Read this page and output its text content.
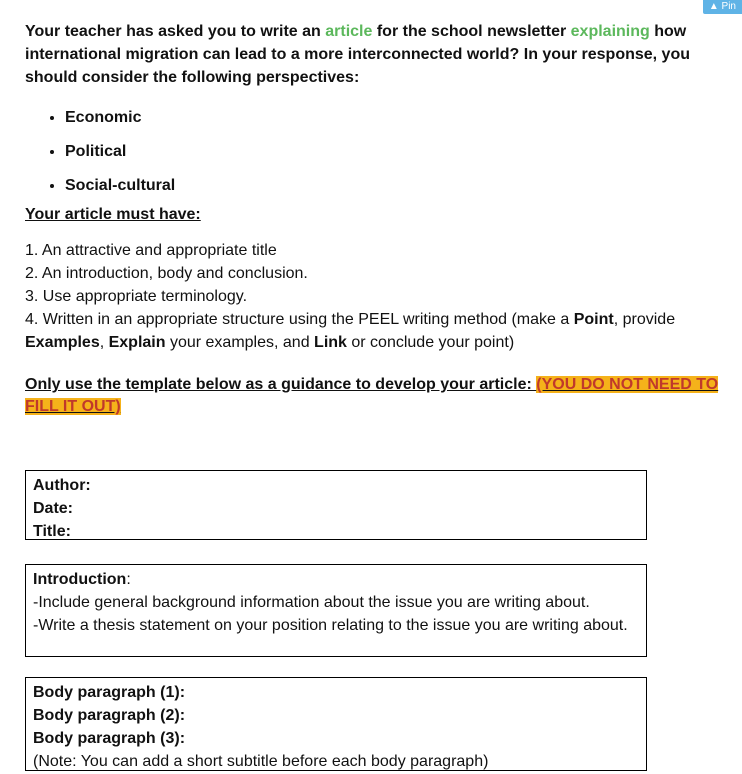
▲ Pin

Your teacher has asked you to write an article for the school newsletter explaining how international migration can lead to a more interconnected world? In your response, you should consider the following perspectives:

• Economic
• Political
• Social-cultural
Your article must have:
1. An attractive and appropriate title
2. An introduction, body and conclusion.
3. Use appropriate terminology.
4. Written in an appropriate structure using the PEEL writing method (make a Point, provide Examples, Explain your examples, and Link or conclude your point)
Only use the template below as a guidance to develop your article: (YOU DO NOT NEED TO FILL IT OUT)
Author:
Date:
Title:
Introduction:
-Include general background information about the issue you are writing about.
-Write a thesis statement on your position relating to the issue you are writing about.
Body paragraph (1):
Body paragraph (2):
Body paragraph (3):
(Note: You can add a short subtitle before each body paragraph)
